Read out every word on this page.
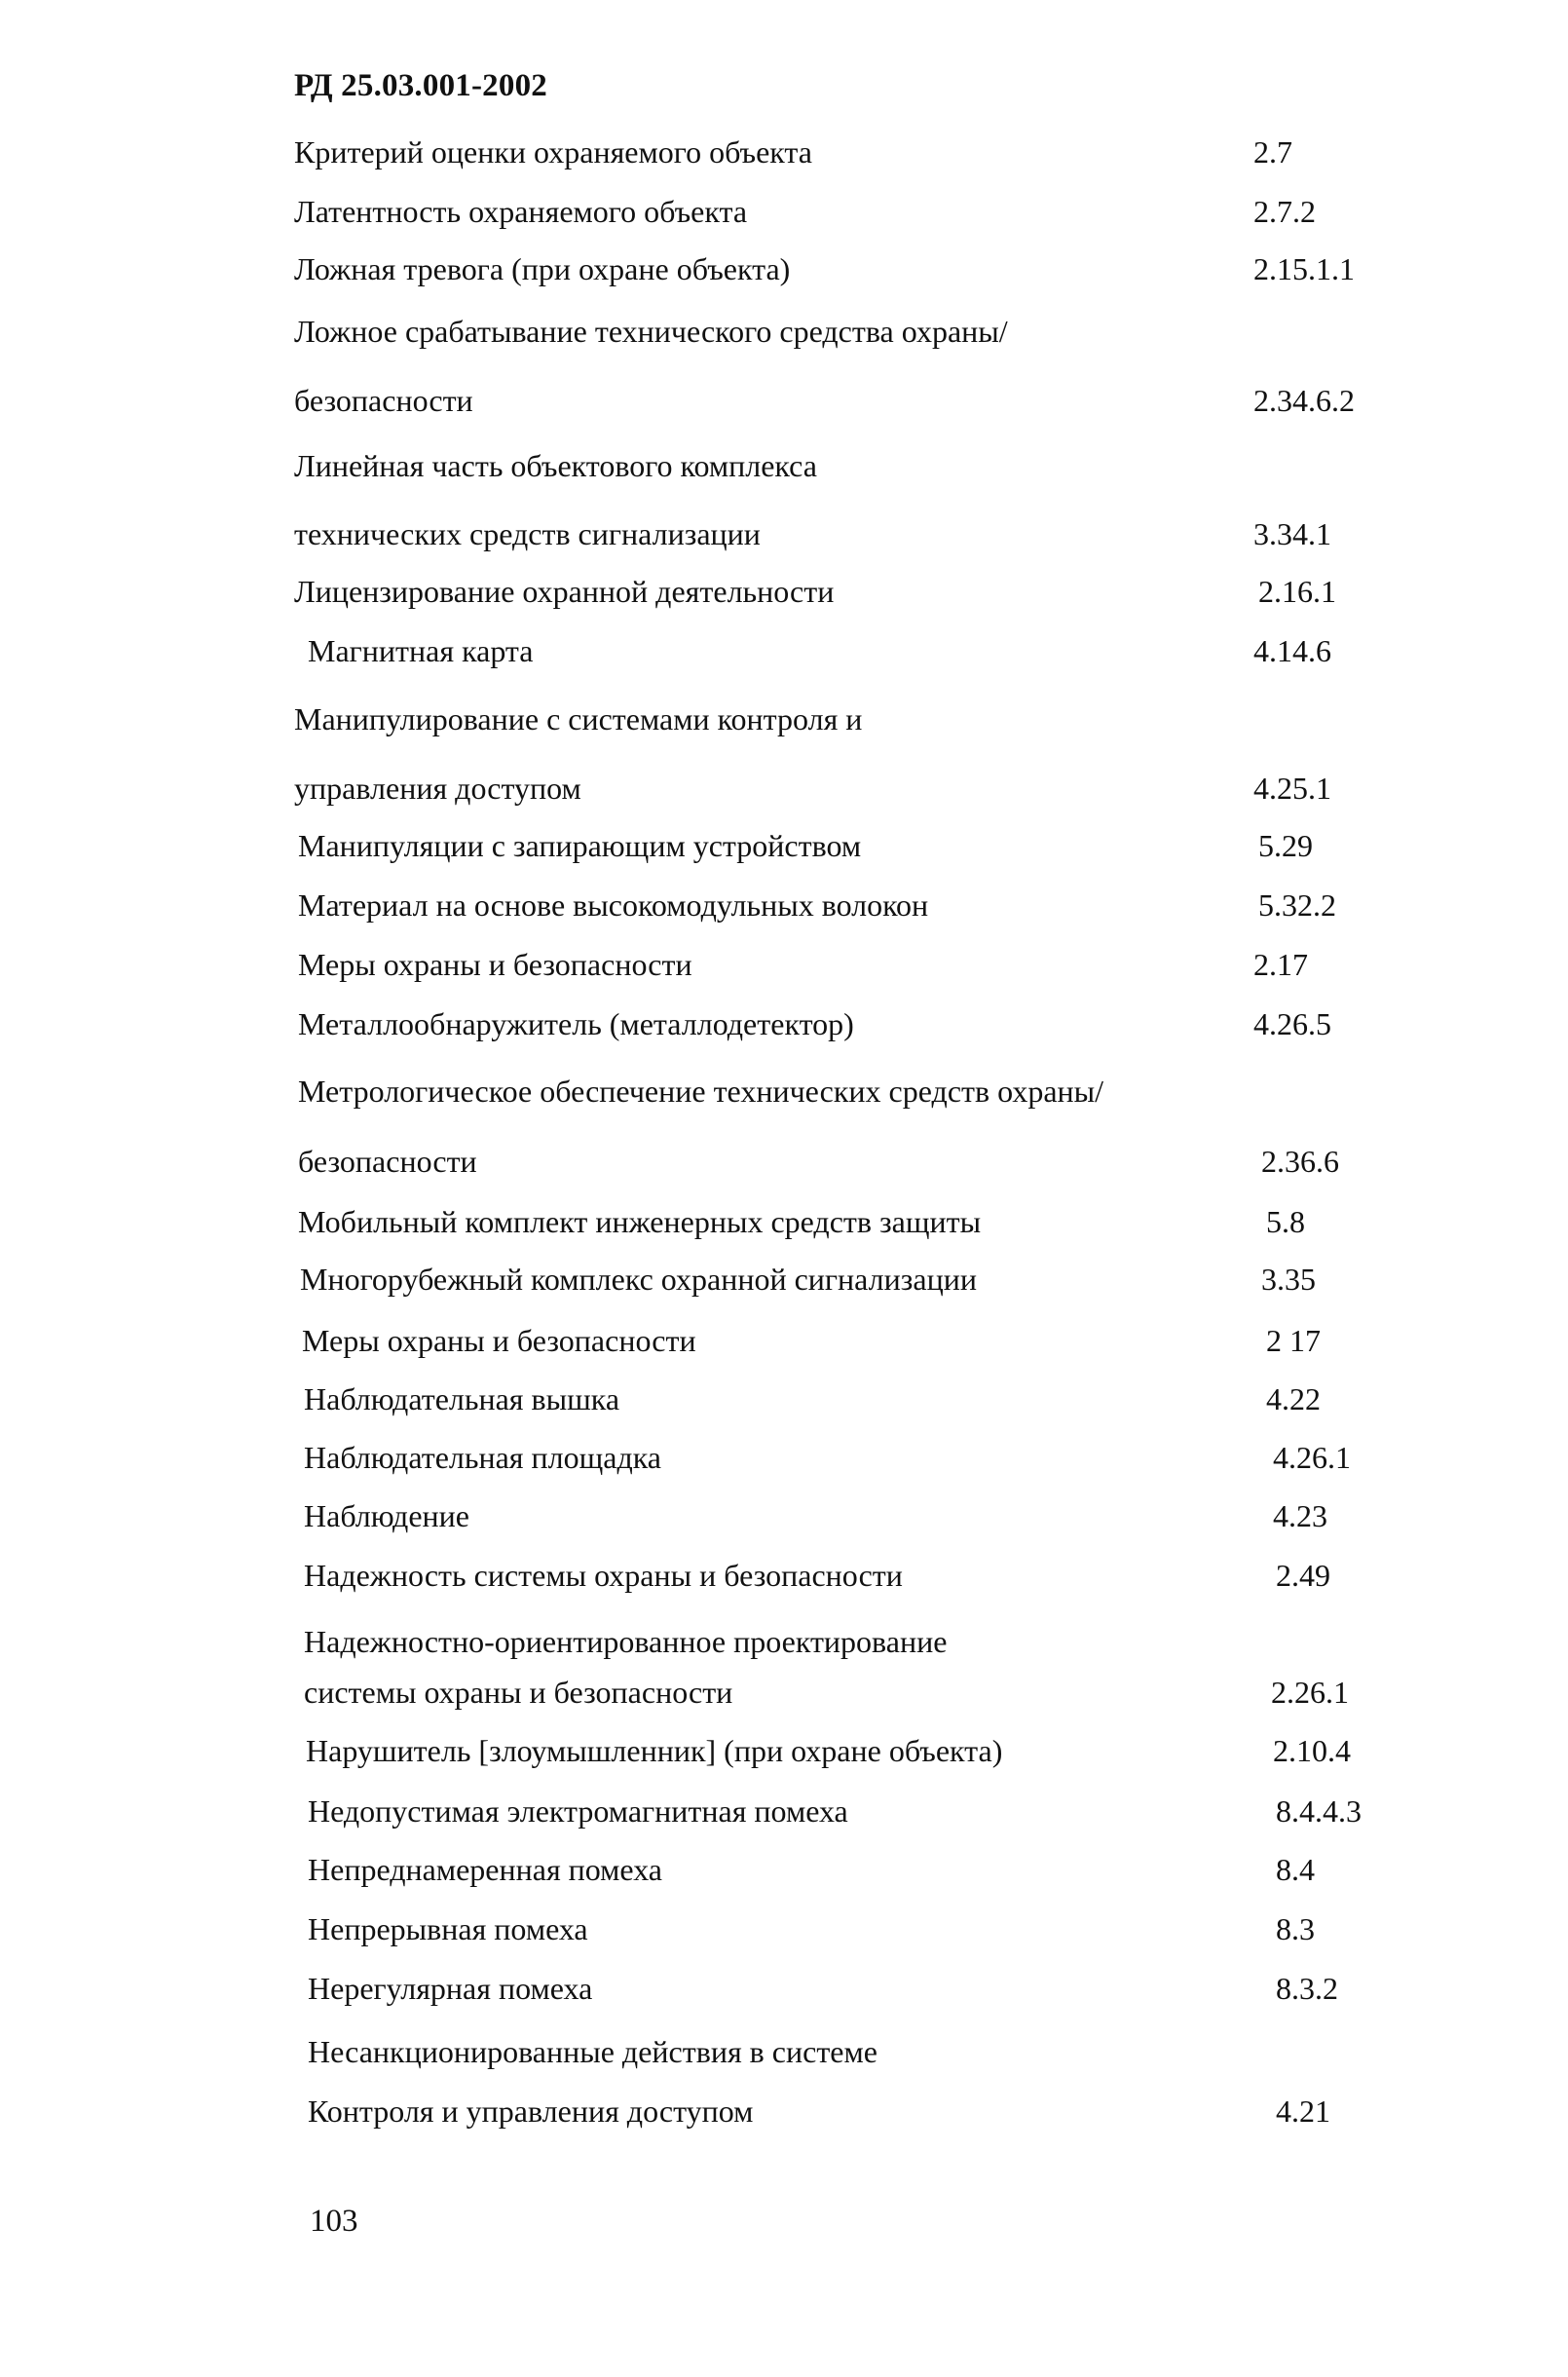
РД 25.03.001-2002
Критерий оценки охраняемого объекта	2.7
Латентность охраняемого объекта	2.7.2
Ложная тревога (при охране объекта)	2.15.1.1
Ложное срабатывание технического средства охраны/
безопасности	2.34.6.2
Линейная часть объектового комплекса
технических средств сигнализации	3.34.1
Лицензирование охранной деятельности	2.16.1
Магнитная карта	4.14.6
Манипулирование с системами контроля и
управления доступом	4.25.1
Манипуляции с запирающим устройством	5.29
Материал на основе высокомодульных волокон	5.32.2
Меры охраны и безопасности	2.17
Металлообнаружитель (металлодетектор)	4.26.5
Метрологическое обеспечение технических средств охраны/
безопасности	2.36.6
Мобильный комплект инженерных средств защиты	5.8
Многорубежный комплекс охранной сигнализации	3.35
Меры охраны и безопасности	2 17
Наблюдательная вышка	4.22
Наблюдательная площадка	4.26.1
Наблюдение	4.23
Надежность системы охраны и безопасности	2.49
Надежностно-ориентированное проектирование
системы охраны и безопасности	2.26.1
Нарушитель [злоумышленник] (при охране объекта)	2.10.4
Недопустимая электромагнитная помеха	8.4.4.3
Непреднамеренная помеха	8.4
Непрерывная помеха	8.3
Нерегулярная помеха	8.3.2
Несанкционированные действия в системе
Контроля и управления доступом	4.21
103
